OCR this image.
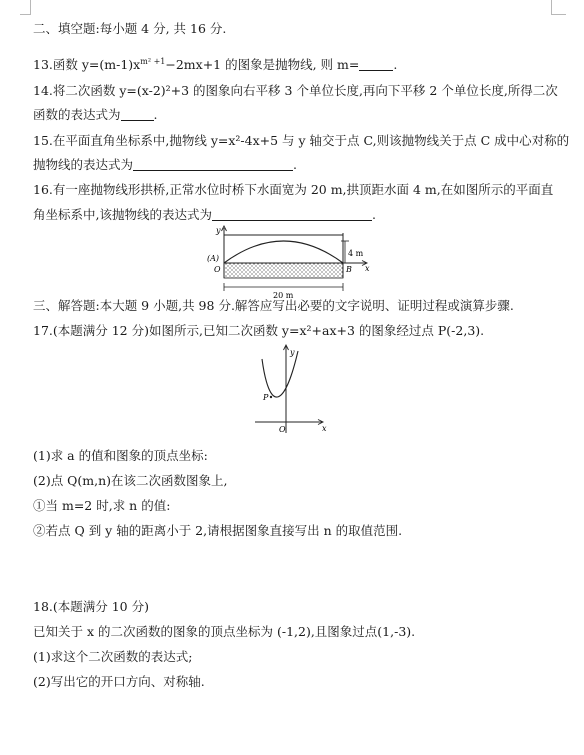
二、填空题:每小题 4 分, 共 16 分.
13.函数 $y=(m-1)x^{m^2 +1}-2mx+1$ 的图象是抛物线, 则 m=	.
14.将二次函数 y=(x-2)²+3 的图象向右平移 3 个单位长度,再向下平移 2 个单位长度,所得二次
函数的表达式为	.
15.在平面直角坐标系中,抛物线 y=x²-4x+5 与 y 轴交于点 C,则该抛物线关于点 C 成中心对称的
抛物线的表达式为	.
16.有一座抛物线形拱桥,正常水位时桥下水面宽为 20 m,拱顶距水面 4 m,在如图所示的平面直
角坐标系中,该抛物线的表达式为	.
y
x
4 m
(A)
O	B
20 m
三、解答题:本大题 9 小题,共 98 分.解答应写出必要的文字说明、证明过程或演算步骤.
17.(本题满分 12 分)如图所示,已知二次函数 y=x²+ax+3 的图象经过点 P(-2,3).
y
x
P
O
(1)求 a 的值和图象的顶点坐标:
(2)点 Q(m,n)在该二次函数图象上,
①当 m=2 时,求 n 的值:
②若点 Q 到 y 轴的距离小于 2,请根据图象直接写出 n 的取值范围.
18.(本题满分 10 分)
已知关于 x 的二次函数的图象的顶点坐标为 (-1,2),且图象过点(1,-3).
(1)求这个二次函数的表达式;
(2)写出它的开口方向、对称轴.
